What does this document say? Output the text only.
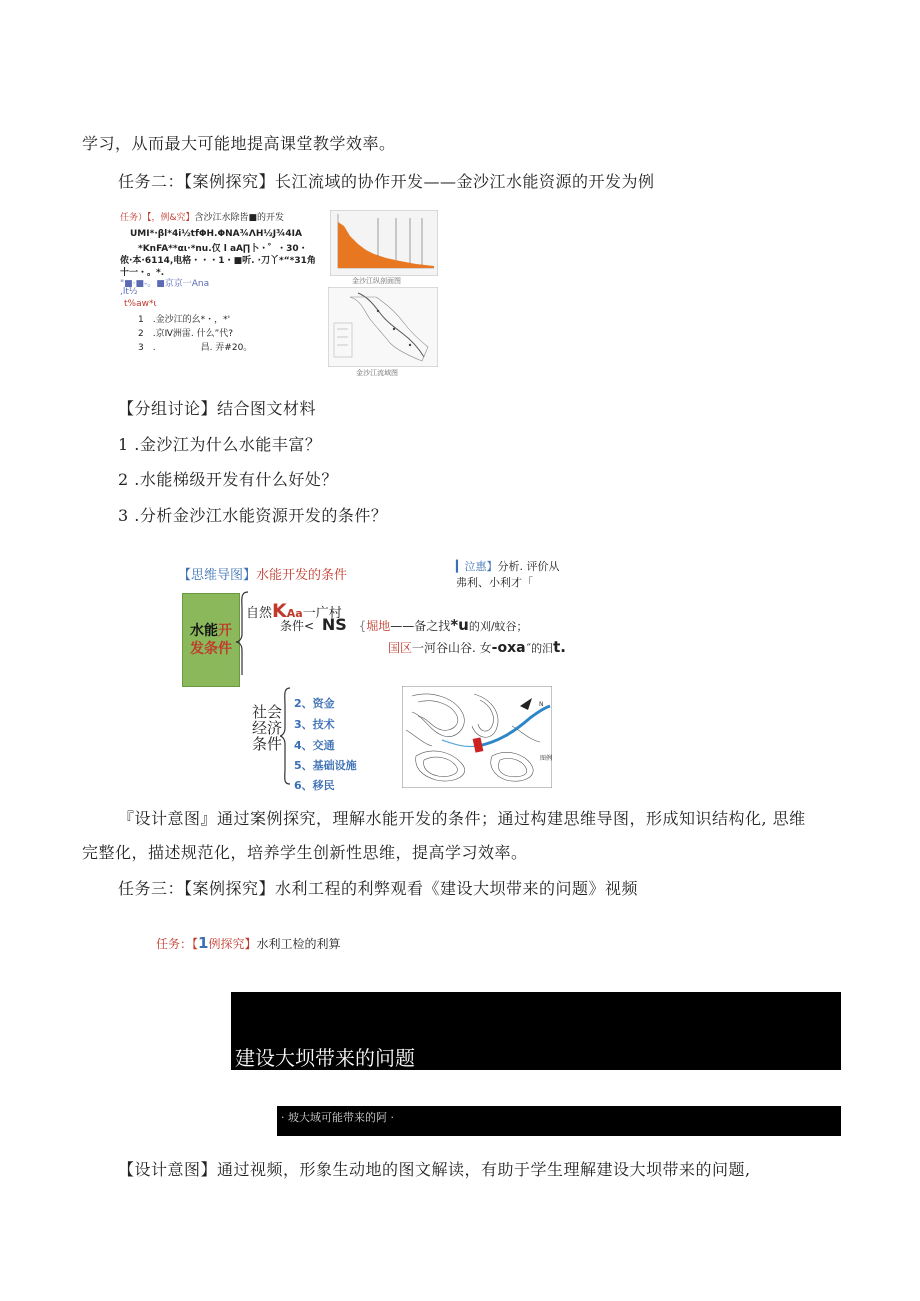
学习，从而最大可能地提高课堂教学效率。
任务二：【案例探究】长江流域的协作开发——金沙江水能资源的开发为例
任务）【，例&究】含沙江水除皆■的开发
UMI*·βl*4i½tfΦH.ΦNA¾ΛH½J¾4IA
*KnFA**αι·*nu.仅 l aA∏卜・゜・30・
侬·本·6114,电格・・・1・■听. ·刀丫*“*31角
十一・。*.
"■·■-。■京京一Ana
,lt½
t%aw*ι
1　.金沙江的幺*・，*'
2　.京Ⅳ洲雷. 什么”代?
3　.　　　　　昌. 弄#20。
金沙江纵剖面图
金沙江流域图
【分组讨论】结合图文材料
1 .金沙江为什么水能丰富？
2 .水能梯级开发有什么好处？
3 .分析金沙江水能资源开发的条件？
【思维导图】水能开发的条件
▎泣惠】分析. 评价从
弗利、小利才「
水能开
发条件
自然KAa一广村
条件< NS {堀地——备之找*u的刈/蚊谷；
国区一河谷山谷. 女-oxa˝的汨t.
社会
经济
条件
2、资金
3、技术
4、交通
5、基础设施
6、移民
N
图例
『设计意图』通过案例探究，理解水能开发的条件；通过构建思维导图，形成知识结构化, 思维
完整化，描述规范化，培养学生创新性思维，提高学习效率。
任务三：【案例探究】水利工程的利弊观看《建设大坝带来的问题》视频
任务：【1例探究】水利工检的利算
建设大坝带来的问题
· 坡大域可能带来的阿 ·
【设计意图】通过视频，形象生动地的图文解读，有助于学生理解建设大坝带来的问题,
